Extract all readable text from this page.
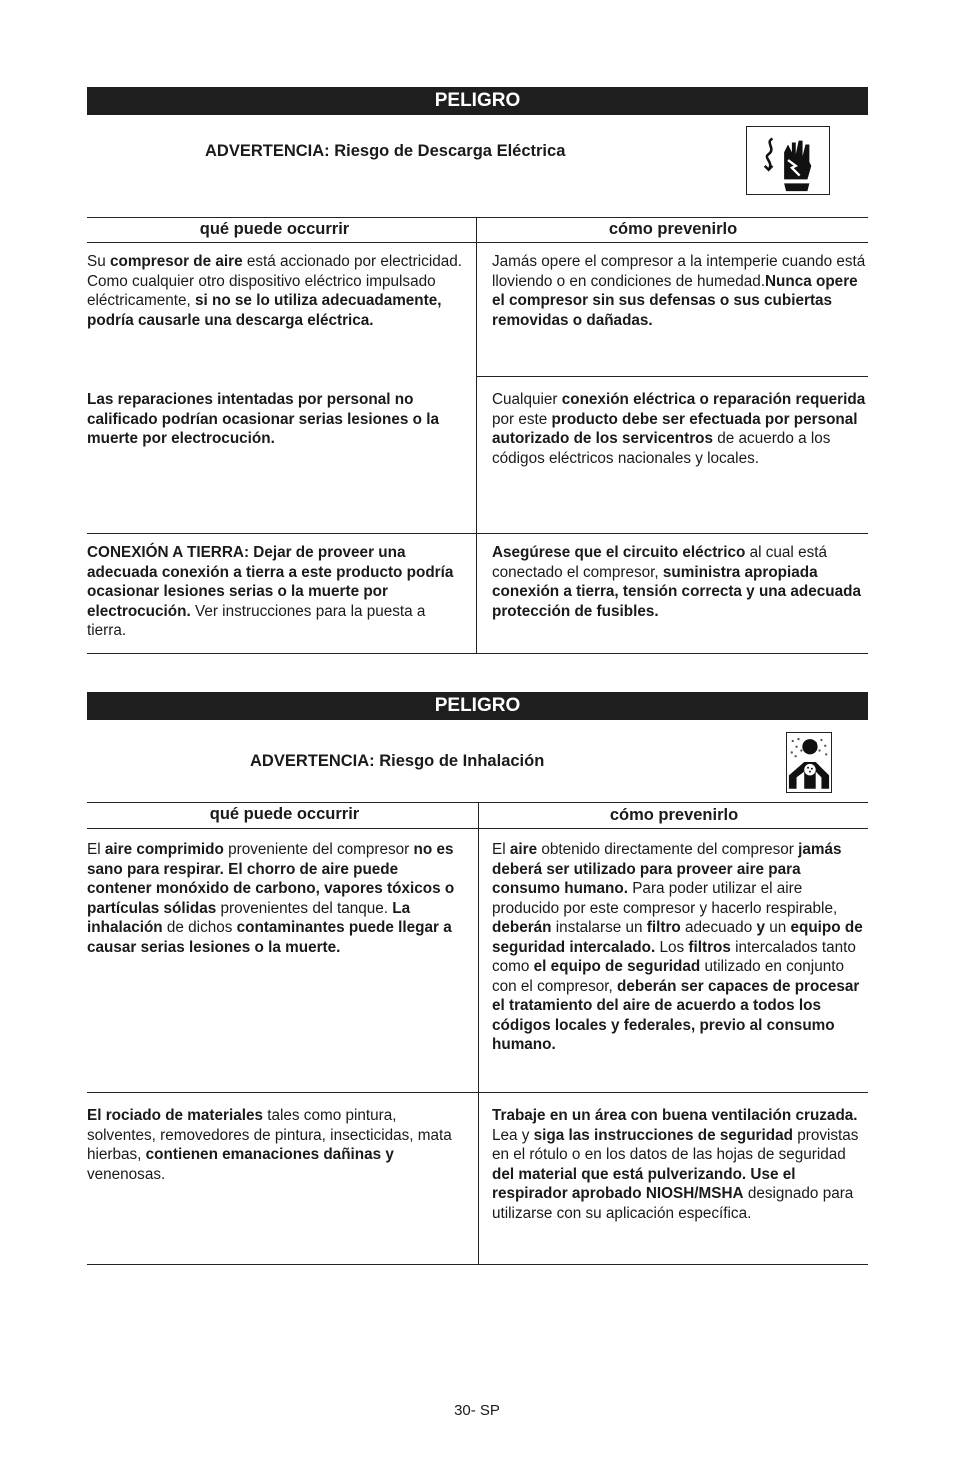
PELIGRO
ADVERTENCIA: Riesgo de Descarga Eléctrica
qué puede occurrir	cómo prevenirlo
Su compresor de aire está accionado por electricidad. Como cualquier otro dispositivo eléctrico impulsado eléctricamente, si no se lo utiliza adecuadamente, podría causarle una descarga eléctrica.
Jamás opere el compresor a la intemperie cuando está lloviendo o en condiciones de humedad.Nunca opere el compresor sin sus defensas o sus cubiertas removidas o dañadas.
Las reparaciones intentadas por personal no calificado podrían ocasionar serias lesiones o la muerte por electrocución.
Cualquier conexión eléctrica o reparación requerida por este producto debe ser efectuada por personal autorizado de los servicentros de acuerdo a los códigos eléctricos nacionales y locales.
CONEXIÓN A TIERRA: Dejar de proveer una adecuada conexión a tierra a este producto podría ocasionar lesiones serias o la muerte por electrocución. Ver instrucciones para la puesta a tierra.
Asegúrese que el circuito eléctrico al cual está conectado el compresor, suministra apropiada conexión a tierra, tensión correcta y una adecuada protección de fusibles.
PELIGRO
ADVERTENCIA: Riesgo de Inhalación
qué puede occurrir	cómo prevenirlo
El aire comprimido proveniente del compresor no es sano para respirar. El chorro de aire puede contener monóxido de carbono, vapores tóxicos o partículas sólidas provenientes del tanque. La inhalación de dichos contaminantes puede llegar a causar serias lesiones o la muerte.
El aire obtenido directamente del compresor jamás deberá ser utilizado para proveer aire para consumo humano. Para poder utilizar el aire producido por este compresor y hacerlo respirable, deberán instalarse un filtro adecuado y un equipo de seguridad intercalado. Los filtros intercalados tanto como el equipo de seguridad utilizado en conjunto con el compresor, deberán ser capaces de procesar el tratamiento del aire de acuerdo a todos los códigos locales y federales, previo al consumo humano.
El rociado de materiales tales como pintura, solventes, removedores de pintura, insecticidas, mata hierbas, contienen emanaciones dañinas y venenosas.
Trabaje en un área con buena ventilación cruzada. Lea y siga las instrucciones de seguridad provistas en el rótulo o en los datos de las hojas de seguridad del material que está pulverizando. Use el respirador aprobado NIOSH/MSHA designado para utilizarse con su aplicación específica.
30- SP
